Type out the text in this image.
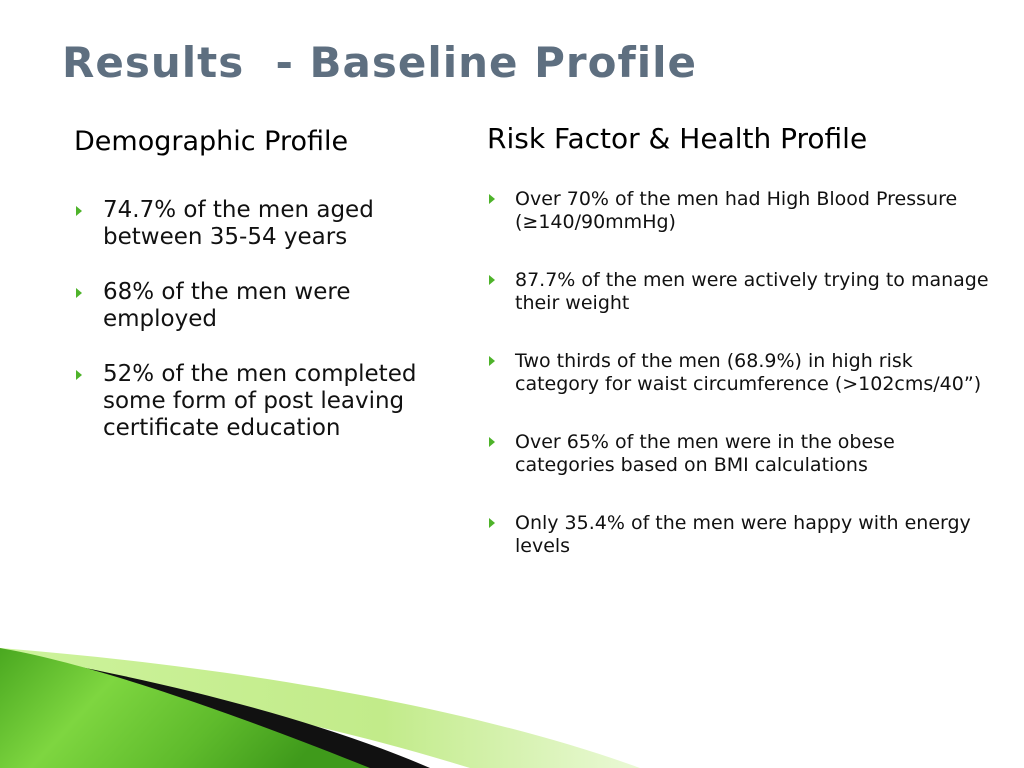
Results  - Baseline Profile
Demographic Profile
74.7% of the men aged between 35-54 years
68% of the men were employed
52% of the men completed some form of post leaving certificate education
Risk Factor & Health Profile
Over 70% of the men had High Blood Pressure (≥140/90mmHg)
87.7% of the men were actively trying to manage their weight
Two thirds of the men (68.9%) in high risk category for waist circumference (>102cms/40”)
Over 65% of the men were in the obese categories based on BMI calculations
Only 35.4% of the men were happy with energy levels
